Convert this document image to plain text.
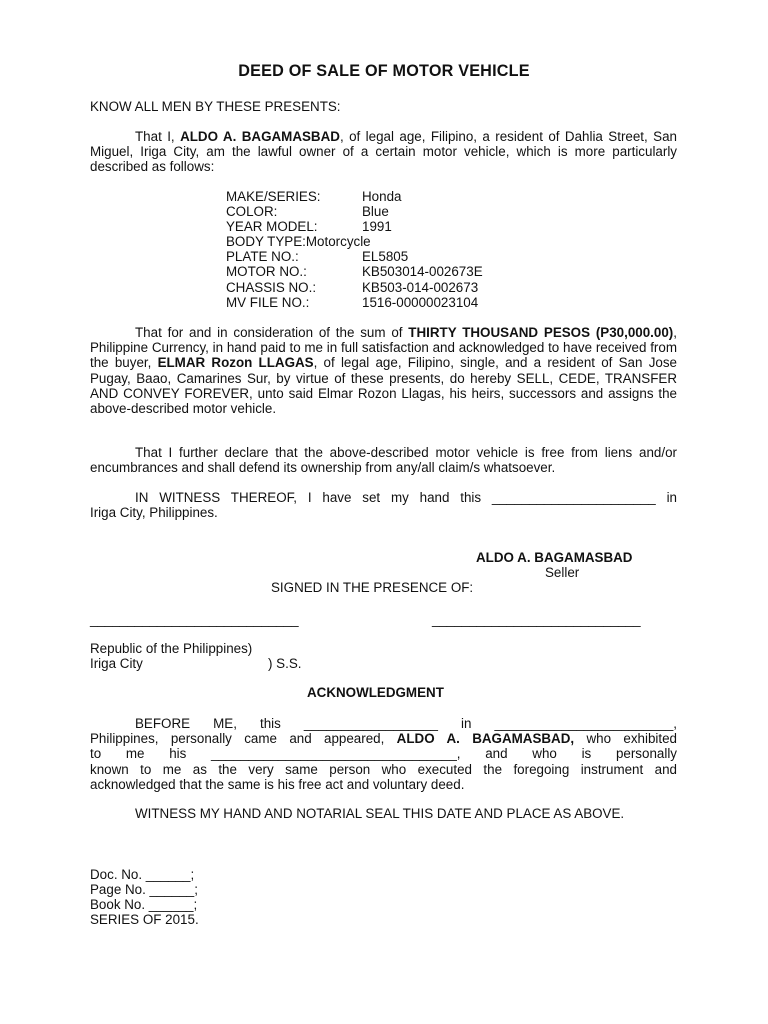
DEED OF SALE OF MOTOR VEHICLE
KNOW ALL MEN BY THESE PRESENTS:
That I, ALDO A. BAGAMASBAD, of legal age, Filipino, a resident of Dahlia Street, San Miguel, Iriga City, am the lawful owner of a certain motor vehicle, which is more particularly described as follows:
MAKE/SERIES:	Honda
COLOR:	Blue
YEAR MODEL:	1991
BODY TYPE:Motorcycle
PLATE NO.:	EL5805
MOTOR NO.:	KB503014-002673E
CHASSIS NO.:	KB503-014-002673
MV FILE NO.:	1516-00000023104
That for and in consideration of the sum of THIRTY THOUSAND PESOS (P30,000.00), Philippine Currency, in hand paid to me in full satisfaction and acknowledged to have received from the buyer, ELMAR Rozon LLAGAS, of legal age, Filipino, single, and a resident of San Jose Pugay, Baao, Camarines Sur, by virtue of these presents, do hereby SELL, CEDE, TRANSFER AND CONVEY FOREVER, unto said Elmar Rozon Llagas, his heirs, successors and assigns the above-described motor vehicle.
That I further declare that the above-described motor vehicle is free from liens and/or encumbrances and shall defend its ownership from any/all claim/s whatsoever.
IN WITNESS THEREOF, I have set my hand this ______________________ in
Iriga City, Philippines.
ALDO A. BAGAMASBAD
Seller
SIGNED IN THE PRESENCE OF:
____________________________	____________________________
Republic of the Philippines)
Iriga City	) S.S.
ACKNOWLEDGMENT
BEFORE ME, this __________________ in ________________________,
Philippines, personally came and appeared, ALDO A. BAGAMASBAD, who exhibited
to me his _________________________________, and who is personally
known to me as the very same person who executed the foregoing instrument and
acknowledged that the same is his free act and voluntary deed.
WITNESS MY HAND AND NOTARIAL SEAL THIS DATE AND PLACE AS ABOVE.
Doc. No. ______;
Page No. ______;
Book No. ______;
SERIES OF 2015.
